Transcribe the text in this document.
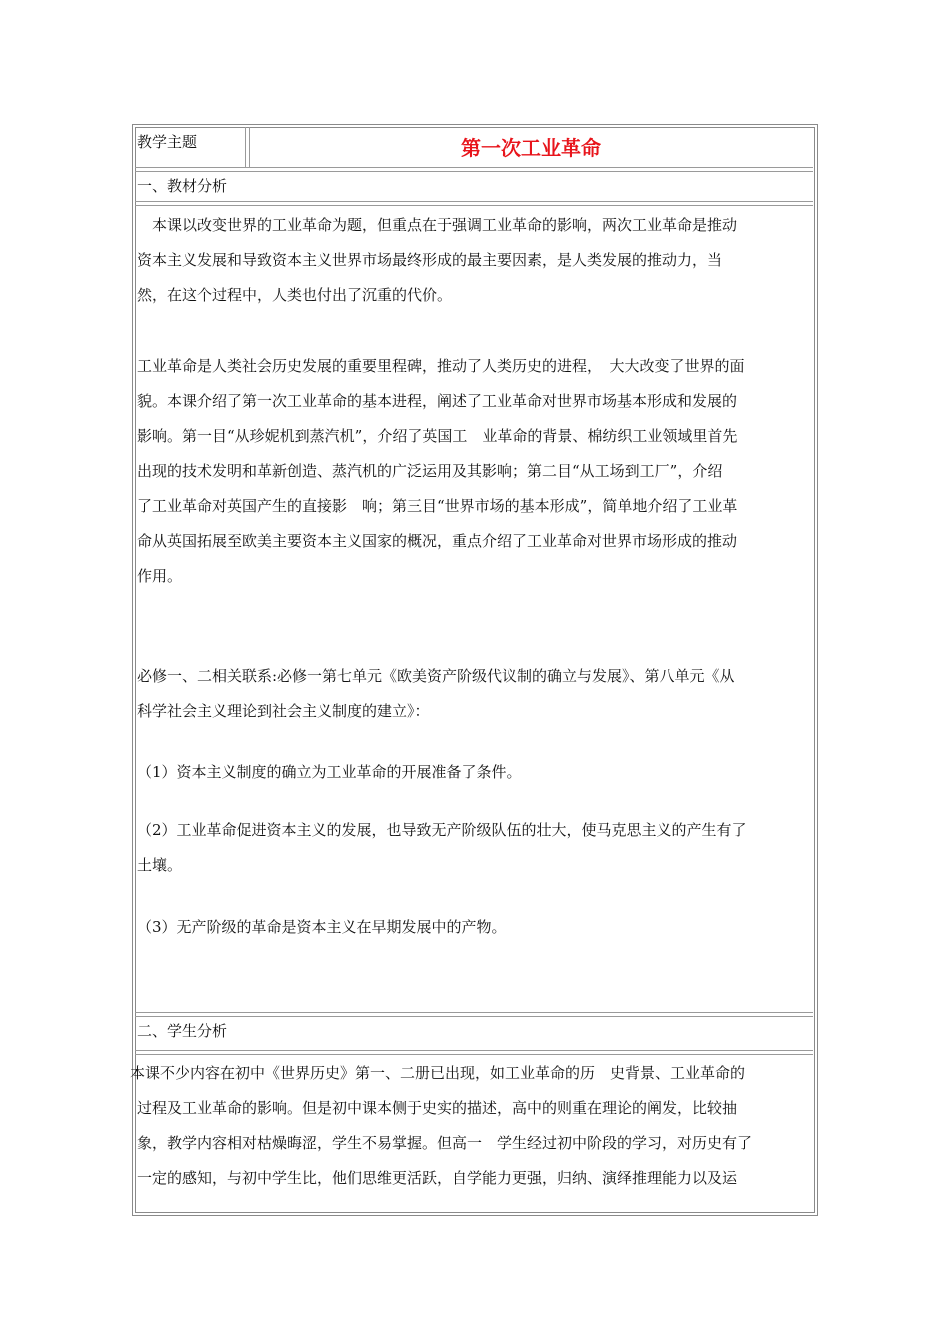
教学主题	第一次工业革命
一、教材分析
　本课以改变世界的工业革命为题，但重点在于强调工业革命的影响，两次工业革命是推动
资本主义发展和导致资本主义世界市场最终形成的最主要因素，是人类发展的推动力，当
然，在这个过程中，人类也付出了沉重的代价。
工业革命是人类社会历史发展的重要里程碑，推动了人类历史的进程，　大大改变了世界的面
貌。本课介绍了第一次工业革命的基本进程，阐述了工业革命对世界市场基本形成和发展的
影响。第一目“从珍妮机到蒸汽机”，介绍了英国工　业革命的背景、棉纺织工业领域里首先
出现的技术发明和革新创造、蒸汽机的广泛运用及其影响；第二目“从工场到工厂”，介绍
了工业革命对英国产生的直接影　响；第三目“世界市场的基本形成”，简单地介绍了工业革
命从英国拓展至欧美主要资本主义国家的概况，重点介绍了工业革命对世界市场形成的推动
作用。
必修一、二相关联系:必修一第七单元《欧美资产阶级代议制的确立与发展》、第八单元《从
科学社会主义理论到社会主义制度的建立》：
（1）资本主义制度的确立为工业革命的开展准备了条件。
（2）工业革命促进资本主义的发展，也导致无产阶级队伍的壮大，使马克思主义的产生有了
土壤。
（3）无产阶级的革命是资本主义在早期发展中的产物。
二、学生分析
本课不少内容在初中《世界历史》第一、二册已出现，如工业革命的历　史背景、工业革命的
过程及工业革命的影响。但是初中课本侧于史实的描述，高中的则重在理论的阐发，比较抽
象，教学内容相对枯燥晦涩，学生不易掌握。但高一　学生经过初中阶段的学习，对历史有了
一定的感知，与初中学生比，他们思维更活跃，自学能力更强，归纳、演绎推理能力以及运
